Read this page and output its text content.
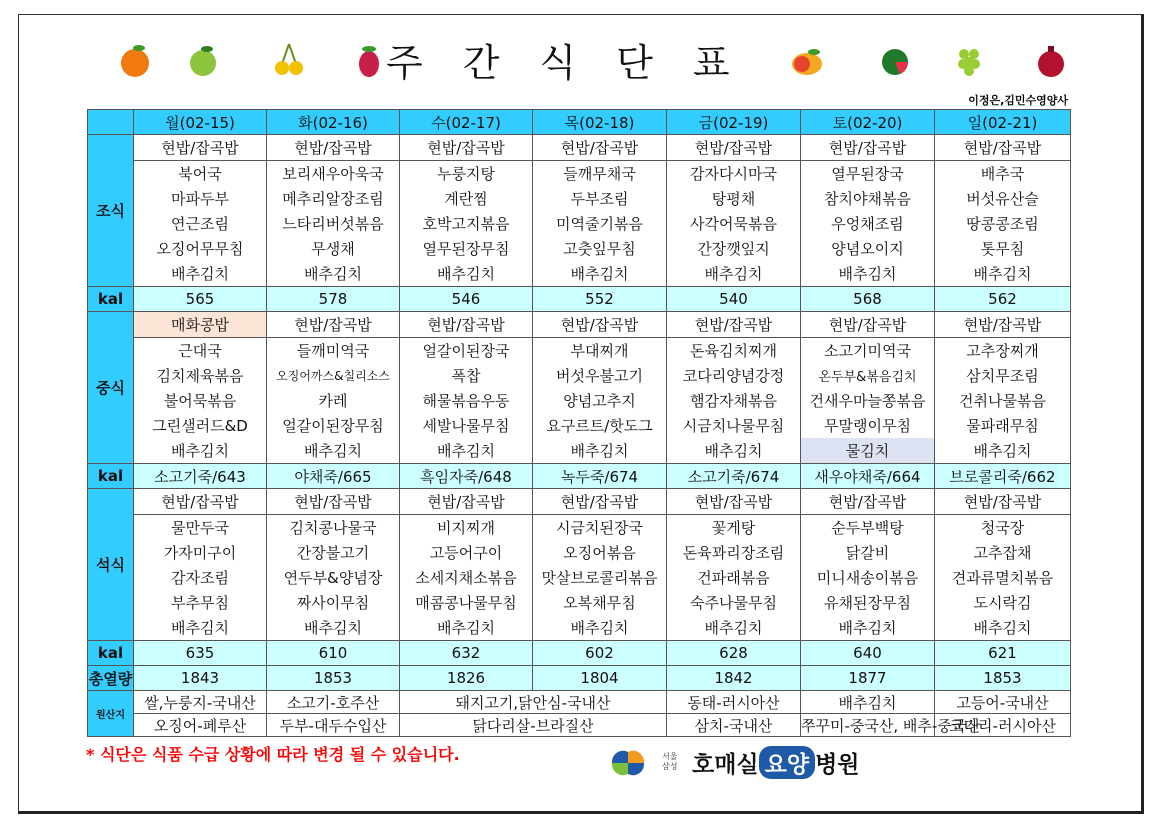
주간식단표
이정은,김민수영양사
	월(02-15)	화(02-16)	수(02-17)	목(02-18)	금(02-19)	토(02-20)	일(02-21)
조식	현밥/잡곡밥	현밥/잡곡밥	현밥/잡곡밥	현밥/잡곡밥	현밥/잡곡밥	현밥/잡곡밥	현밥/잡곡밥
	북어국	보리새우아욱국	누룽지탕	들깨무채국	감자다시마국	열무된장국	배추국
	마파두부	메추리알장조림	계란찜	두부조림	탕평채	참치야채볶음	버섯유산슬
	연근조림	느타리버섯볶음	호박고지볶음	미역줄기볶음	사각어묵볶음	우엉채조림	땅콩콩조림
	오징어무무침	무생채	열무된장무침	고춧잎무침	간장깻잎지	양념오이지	톳무침
	배추김치	배추김치	배추김치	배추김치	배추김치	배추김치	배추김치
kal	565	578	546	552	540	568	562
중식	매화콩밥	현밥/잡곡밥	현밥/잡곡밥	현밥/잡곡밥	현밥/잡곡밥	현밥/잡곡밥	현밥/잡곡밥
	근대국	들깨미역국	얼갈이된장국	부대찌개	돈육김치찌개	소고기미역국	고추장찌개
	김치제육볶음	오징어까스&칠리소스	폭찹	버섯우불고기	코다리양념강정	온두부&볶음김치	삼치무조림
	불어묵볶음	카레	해물볶음우동	양념고추지	햄감자채볶음	건새우마늘쫑볶음	건취나물볶음
	그린샐러드&D	얼갈이된장무침	세발나물무침	요구르트/핫도그	시금치나물무침	무말랭이무침	물파래무침
	배추김치	배추김치	배추김치	배추김치	배추김치	물김치	배추김치
kal	소고기죽/643	야채죽/665	흑임자죽/648	녹두죽/674	소고기죽/674	새우야채죽/664	브로콜리죽/662
석식	현밥/잡곡밥	현밥/잡곡밥	현밥/잡곡밥	현밥/잡곡밥	현밥/잡곡밥	현밥/잡곡밥	현밥/잡곡밥
	물만두국	김치콩나물국	비지찌개	시금치된장국	꽃게탕	순두부백탕	청국장
	가자미구이	간장불고기	고등어구이	오징어볶음	돈육꽈리장조림	닭갈비	고추잡채
	감자조림	연두부&양념장	소세지채소볶음	맛살브로콜리볶음	건파래볶음	미니새송이볶음	견과류멸치볶음
	부추무침	짜사이무침	매콤콩나물무침	오복채무침	숙주나물무침	유채된장무침	도시락김
	배추김치	배추김치	배추김치	배추김치	배추김치	배추김치	배추김치
kal	635	610	632	602	628	640	621
총열량	1843	1853	1826	1804	1842	1877	1853
원산지	쌀,누룽지-국내산	소고기-호주산	돼지고기,닭안심-국내산		동태-러시아산	배추김치	고등어-국내산
	오징어-페루산	두부-대두수입산	닭다리살-브라질산		삼치-국내산	쭈꾸미-중국산, 배추-중국산	코다리-러시아산
* 식단은 식품 수급 상황에 따라 변경 될 수 있습니다.	서울 삼성 호매실 요양 병원
